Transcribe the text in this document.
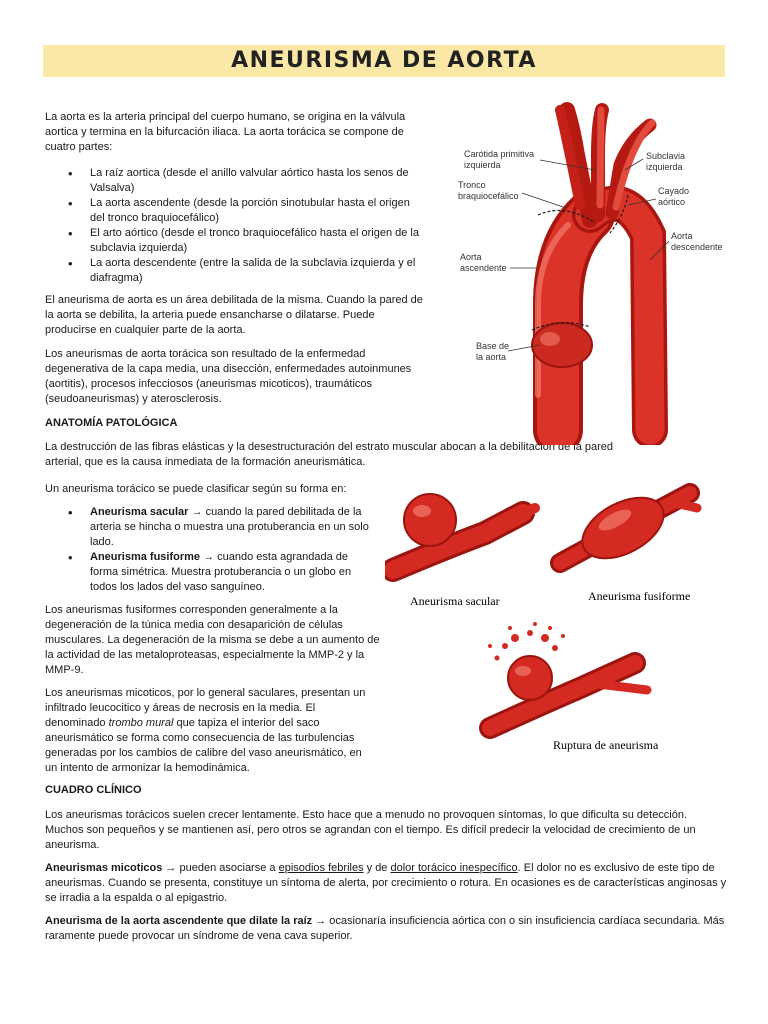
ANEURISMA DE AORTA

La aorta es la arteria principal del cuerpo humano, se origina en la válvula aortica y termina en la bifurcación iliaca. La aorta torácica se compone de cuatro partes:

• La raíz aortica (desde el anillo valvular aórtico hasta los senos de Valsalva)
• La aorta ascendente (desde la porción sinotubular hasta el origen del tronco braquiocefálico)
• El arto aórtico (desde el tronco braquiocefálico hasta el origen de la subclavia izquierda)
• La aorta descendente (entre la salida de la subclavia izquierda y el diafragma)

El aneurisma de aorta es un área debilitada de la misma. Cuando la pared de la aorta se debilita, la arteria puede ensancharse o dilatarse. Puede producirse en cualquier parte de la aorta.

Los aneurismas de aorta torácica son resultado de la enfermedad degenerativa de la capa media, una disección, enfermedades autoinmunes (aortitis), procesos infecciosos (aneurismas micoticos), traumáticos (seudoaneurismas) y aterosclerosis.

ANATOMÍA PATOLÓGICA

La destrucción de las fibras elásticas y la desestructuración del estrato muscular abocan a la debilitación de la pared arterial, que es la causa inmediata de la formación aneurismática.

Un aneurisma torácico se puede clasificar según su forma en:

• Aneurisma sacular → cuando la pared debilitada de la arteria se hincha o muestra una protuberancia en un solo lado.
• Aneurisma fusiforme → cuando esta agrandada de forma simétrica. Muestra protuberancia o un globo en todos los lados del vaso sanguíneo.

Los aneurismas fusiformes corresponden generalmente a la degeneración de la túnica media con desaparición de células musculares. La degeneración de la misma se debe a un aumento de la actividad de las metaloproteasas, especialmente la MMP-2 y la MMP-9.

Los aneurismas micoticos, por lo general saculares, presentan un infiltrado leucocitico y áreas de necrosis en la media. El denominado trombo mural que tapiza el interior del saco aneurismático se forma como consecuencia de las turbulencias generadas por los cambios de calibre del vaso aneurismático, en un intento de armonizar la hemodinámica.

CUADRO CLÍNICO

Los aneurismas torácicos suelen crecer lentamente. Esto hace que a menudo no provoquen síntomas, lo que dificulta su detección. Muchos son pequeños y se mantienen así, pero otros se agrandan con el tiempo. Es difícil predecir la velocidad de crecimiento de un aneurisma.

Aneurismas micoticos → pueden asociarse a episodios febriles y de dolor torácico inespecífico. El dolor no es exclusivo de este tipo de aneurismas. Cuando se presenta, constituye un síntoma de alerta, por crecimiento o rotura. En ocasiones es de características anginosas y se irradia a la espalda o al epigastrio.

Aneurisma de la aorta ascendente que dilate la raíz → ocasionaría insuficiencia aórtica con o sin insuficiencia cardíaca secundaria. Más raramente puede provocar un síndrome de vena cava superior.

Carótida primitiva
izquierda
Subclavia
izquierda
Tronco
braquiocefálico	Cayado
aórtico
Aorta
descendente
Aorta
ascendente
Base de
la aorta
Aneurisma sacular	Aneurisma fusiforme
Ruptura de aneurisma
